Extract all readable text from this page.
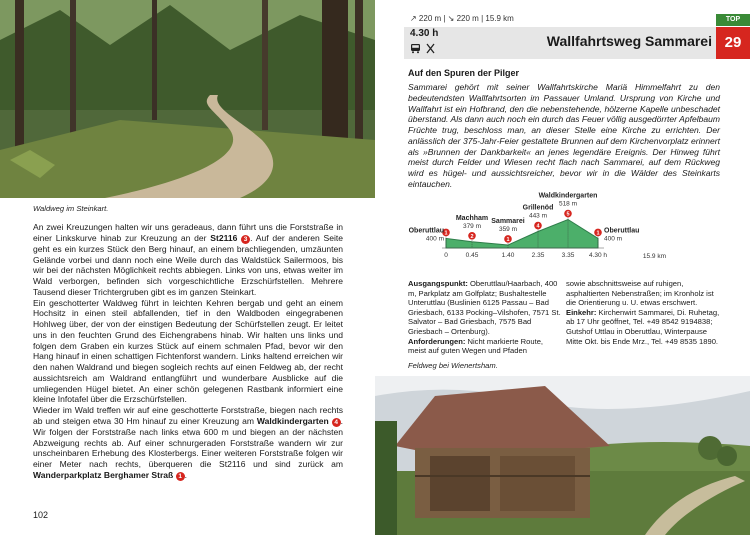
Waldweg im Steinkart.

An zwei Kreuzungen halten wir uns geradeaus, dann führt uns die Forststraße in einer Linkskurve hinab zur Kreuzung an der St2116 3 . Auf der anderen Seite geht es ein kurzes Stück den Berg hinauf, an einem brachliegenden, umzäunten Gelände vorbei und dann noch eine Weile durch das Waldstück Sailermoos, bis wir bei der nächsten Möglichkeit rechts abbiegen. Links von uns, etwas weiter im Wald verborgen, befinden sich vorgeschichtliche Erzschürfstellen. Mehrere Tausend dieser Trichtergruben gibt es im ganzen Steinkart.

Ein geschotterter Waldweg führt in leichten Kehren bergab und geht an einem Hochsitz in einen steil abfallenden, tief in den Waldboden eingegrabenen Hohlweg über, der von der einstigen Bedeutung der Schürfstellen zeugt. Er leitet uns in den feuchten Grund des Eichengrabens hinab. Wir halten uns links und folgen dem Graben ein kurzes Stück auf einem schmalen Pfad, bevor wir den Hang hinauf in einen schattigen Fichtenforst wandern. Links haltend erreichen wir den nahen Waldrand und biegen sogleich rechts auf einen Feldweg ab, der recht aussichtsreich am Waldrand entlangführt und wunderbare Ausblicke auf die umliegenden Hügel bietet. An einer schön gelegenen Rastbank informiert eine kleine Infotafel über die Erzschürfstellen.

Wieder im Wald treffen wir auf eine geschotterte Forststraße, biegen nach rechts ab und steigen etwa 30 Hm hinauf zu einer Kreuzung am Waldkindergarten 4 . Wir folgen der Forststraße nach links etwa 600 m und biegen an der nächsten Abzweigung rechts ab. Auf einer schnurgeraden Forststraße wandern wir zur unscheinbaren Erhebung des Klosterbergs. Einer weiteren Forststraße folgen wir einer Meter nach rechts, überqueren die St2116 und sind zurück am Wanderparkplatz Berghamer Straß 1 .

102
↗ 220 m | ↘ 220 m | 15.9 km	TOP
4.30 h	Wallfahrtsweg Sammarei 29
Auf den Spuren der Pilger
Sammarei gehört mit seiner Wallfahrtskirche Mariä Himmelfahrt zu den bedeutendsten Wallfahrtsorten im Passauer Umland. Ursprung von Kirche und Wallfahrt ist ein Hofbrand, den die nebenstehende, hölzerne Kapelle unbeschadet überstand. Als dann auch noch ein durch das Feuer völlig ausgedörrter Apfelbaum Früchte trug, beschloss man, an dieser Stelle eine Kirche zu errichten. Der anlässlich der 375-Jahr-Feier gestaltete Brunnen auf dem Kirchenvorplatz erinnert als »Brunnen der Dankbarkeit« an jenes legendäre Ereignis. Der Hinweg führt meist durch Felder und Wiesen recht flach nach Sammarei, auf dem Rückweg wird es hügel- und aussichtsreicher, bevor wir in die Wälder des Steinkarts eintauchen.
1
2
1
4
5
1
Oberuttlau
400 m
0
Machham
379 m
0.45
Sammarei
359 m
1.40
Grillenöd
443 m
2.35
Waldkindergarten
518 m
3.35
Oberuttlau
400 m
4.30 h	15.9 km

Ausgangspunkt: Oberuttlau/Haarbach, 400 m, Parkplatz am Golfplatz; Bushaltestelle Unteruttlau (Buslinien 6125 Passau – Bad Griesbach, 6133 Pocking–Vilshofen, 7571 St. Salvator – Bad Griesbach, 7575 Bad Griesbach – Ortenburg).

Anforderungen: Nicht markierte Route, meist auf guten Wegen und Pfaden

sowie abschnittsweise auf ruhigen, asphaltierten Nebenstraßen; im Kronholz ist die Orientierung u. U. etwas erschwert.

Einkehr: Kirchenwirt Sammarei, Di. Ruhetag, ab 17 Uhr geöffnet, Tel. +49 8542 9194838; Gutshof Uttlau in Oberuttlau, Winterpause Mitte Okt. bis Ende Mrz., Tel. +49 8535 1890.

Feldweg bei Wienertsham.
